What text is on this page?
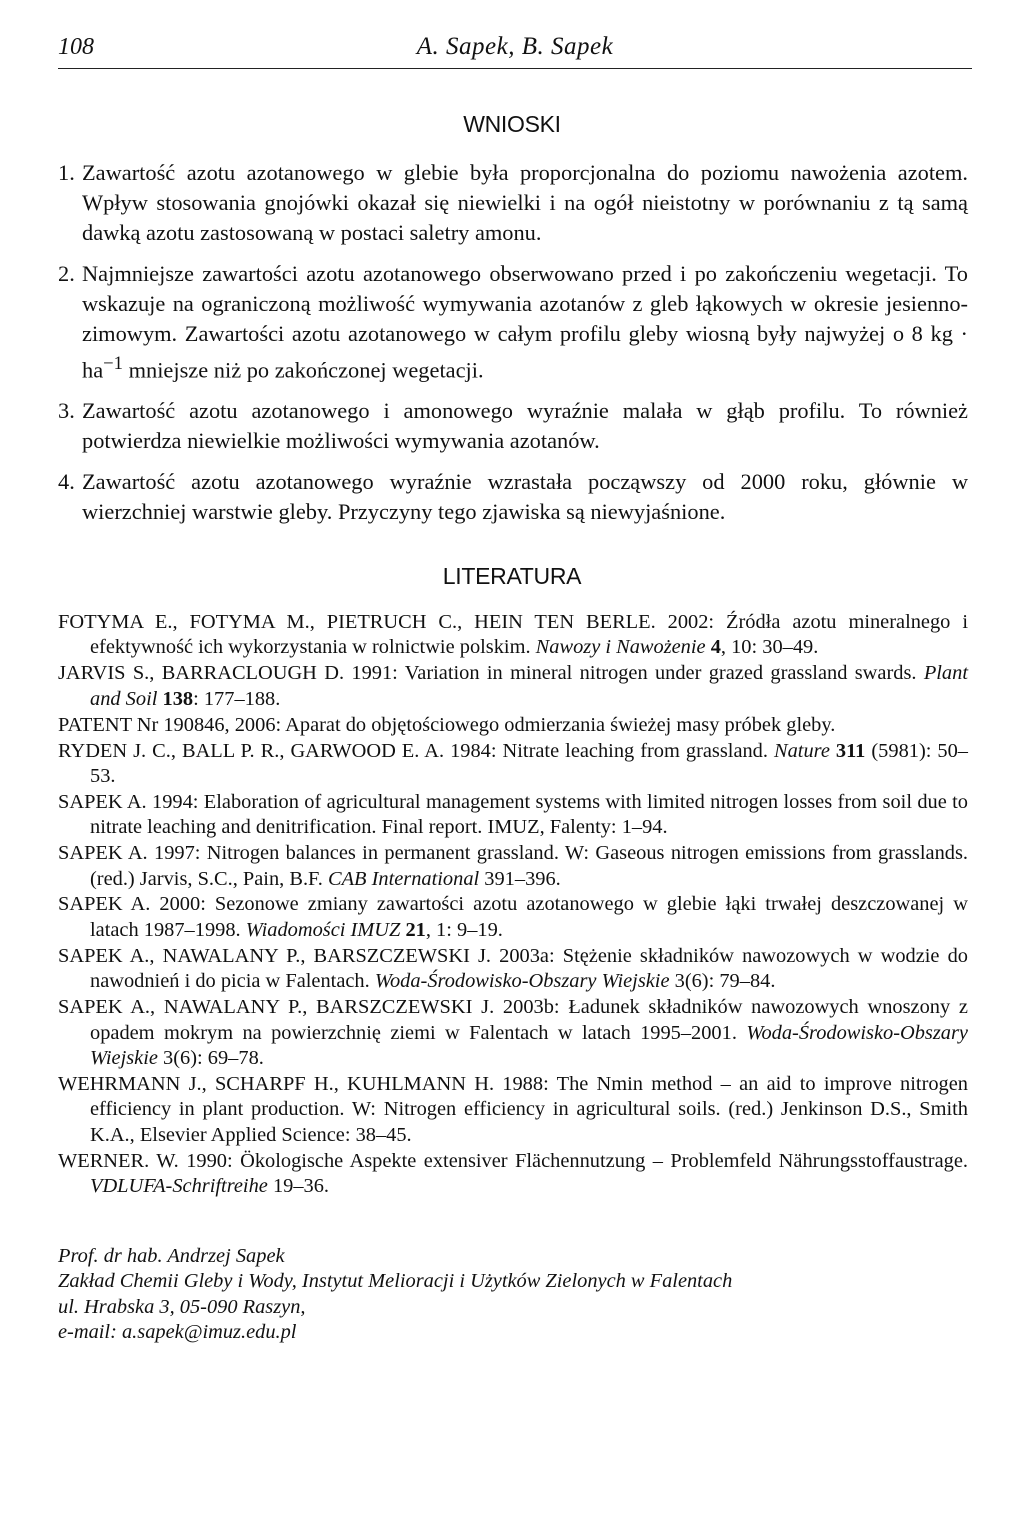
108	A. Sapek, B. Sapek
WNIOSKI

1. Zawartość azotu azotanowego w glebie była proporcjonalna do poziomu nawożenia azotem. Wpływ stosowania gnojówki okazał się niewielki i na ogół nieistotny w porównaniu z tą samą dawką azotu zastosowaną w postaci saletry amonu.

2. Najmniejsze zawartości azotu azotanowego obserwowano przed i po zakończeniu wegetacji. To wskazuje na ograniczoną możliwość wymywania azotanów z gleb łąkowych w okresie jesienno-zimowym. Zawartości azotu azotanowego w całym profilu gleby wiosną były najwyżej o 8 kg · $ha^{-1}$ mniejsze niż po zakończonej wegetacji.

3. Zawartość azotu azotanowego i amonowego wyraźnie malała w głąb profilu. To również potwierdza niewielkie możliwości wymywania azotanów.

4. Zawartość azotu azotanowego wyraźnie wzrastała począwszy od 2000 roku, głównie w wierzchniej warstwie gleby. Przyczyny tego zjawiska są niewyjaśnione.

LITERATURA

FOTYMA E., FOTYMA M., PIETRUCH C., HEIN TEN BERLE. 2002: Źródła azotu mineralnego i efektywność ich wykorzystania w rolnictwie polskim. Nawozy i Nawożenie 4, 10: 30–49.

JARVIS S., BARRACLOUGH D. 1991: Variation in mineral nitrogen under grazed grassland swards. Plant and Soil 138: 177–188.

PATENT Nr 190846, 2006: Aparat do objętościowego odmierzania świeżej masy próbek gleby.

RYDEN J. C., BALL P. R., GARWOOD E. A. 1984: Nitrate leaching from grassland. Nature 311 (5981): 50–53.

SAPEK A. 1994: Elaboration of agricultural management systems with limited nitrogen losses from soil due to nitrate leaching and denitrification. Final report. IMUZ, Falenty: 1–94.

SAPEK A. 1997: Nitrogen balances in permanent grassland. W: Gaseous nitrogen emissions from grasslands. (red.) Jarvis, S.C., Pain, B.F. CAB International 391–396.

SAPEK A. 2000: Sezonowe zmiany zawartości azotu azotanowego w glebie łąki trwałej deszczowanej w latach 1987–1998. Wiadomości IMUZ 21, 1: 9–19.

SAPEK A., NAWALANY P., BARSZCZEWSKI J. 2003a: Stężenie składników nawozowych w wodzie do nawodnień i do picia w Falentach. Woda-Środowisko-Obszary Wiejskie 3(6): 79–84.

SAPEK A., NAWALANY P., BARSZCZEWSKI J. 2003b: Ładunek składników nawozowych wnoszony z opadem mokrym na powierzchnię ziemi w Falentach w latach 1995–2001. Woda-Środowisko-Obszary Wiejskie 3(6): 69–78.

WEHRMANN J., SCHARPF H., KUHLMANN H. 1988: The Nmin method – an aid to improve nitrogen efficiency in plant production. W: Nitrogen efficiency in agricultural soils. (red.) Jenkinson D.S., Smith K.A., Elsevier Applied Science: 38–45.

WERNER. W. 1990: Ökologische Aspekte extensiver Flächennutzung – Problemfeld Nährungsstoffaustrage. VDLUFA-Schriftreihe 19–36.

Prof. dr hab. Andrzej Sapek
Zakład Chemii Gleby i Wody, Instytut Melioracji i Użytków Zielonych w Falentach
ul. Hrabska 3, 05-090 Raszyn,
e-mail: a.sapek@imuz.edu.pl
